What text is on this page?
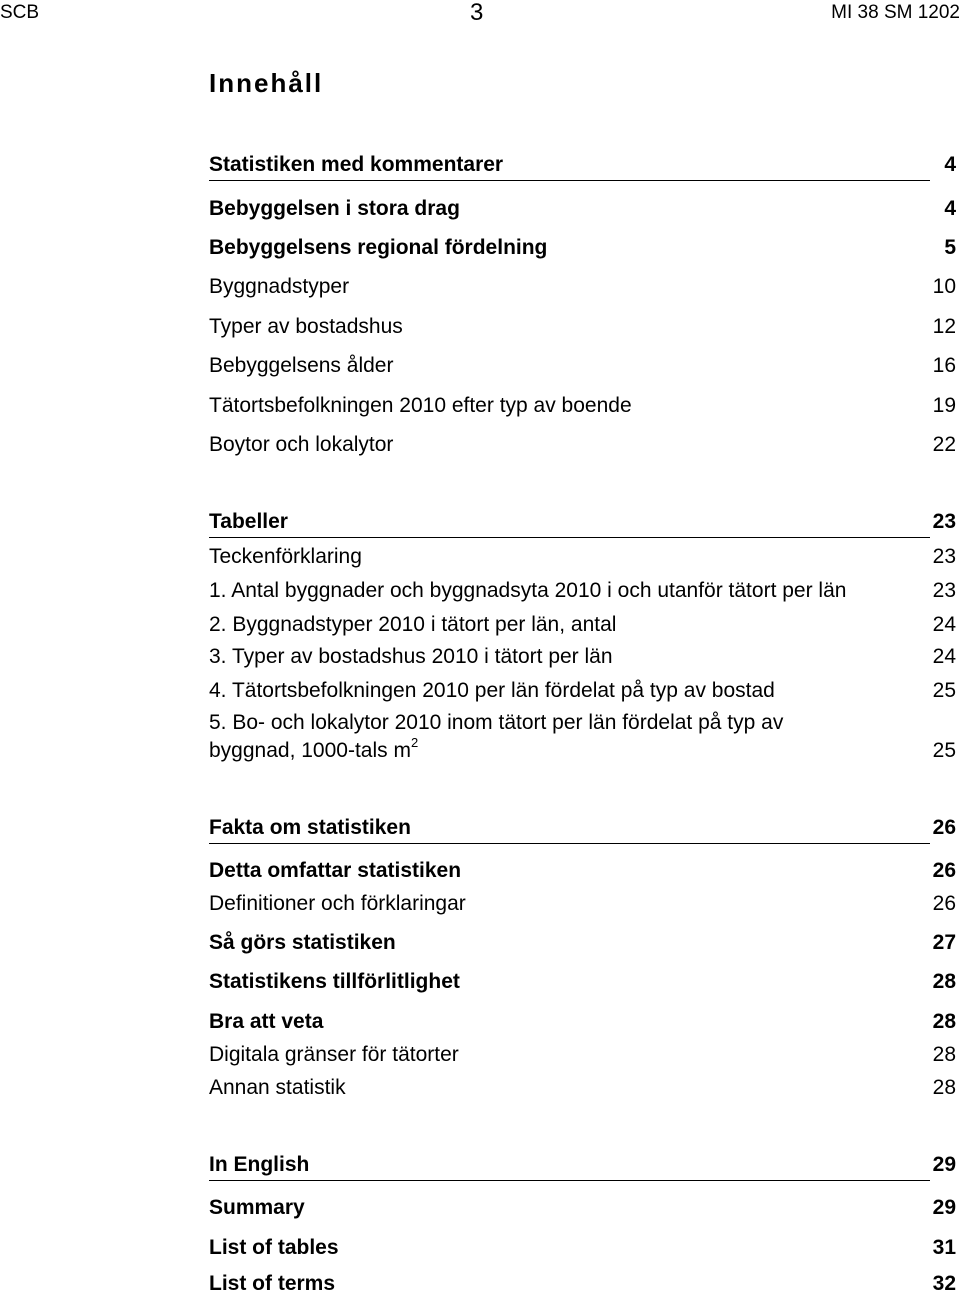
SCB	3	MI 38 SM 1202
Innehåll
Statistiken med kommentarer	4
Bebyggelsen i stora drag	4
Bebyggelsens regional fördelning	5
Byggnadstyper	10
Typer av bostadshus	12
Bebyggelsens ålder	16
Tätortsbefolkningen 2010 efter typ av boende	19
Boytor och lokalytor	22
Tabeller	23
Teckenförklaring	23
1. Antal byggnader och byggnadsyta 2010 i och utanför tätort per län	23
2. Byggnadstyper 2010 i tätort per län, antal	24
3. Typer av bostadshus 2010 i tätort per län	24
4. Tätortsbefolkningen 2010 per län fördelat på typ av bostad	25
5. Bo- och lokalytor 2010 inom tätort per län fördelat på typ av
byggnad, 1000-tals $m^2$	25
Fakta om statistiken	26
Detta omfattar statistiken	26
Definitioner och förklaringar	26
Så görs statistiken	27
Statistikens tillförlitlighet	28
Bra att veta	28
Digitala gränser för tätorter	28
Annan statistik	28
In English	29
Summary	29
List of tables	31
List of terms	32
